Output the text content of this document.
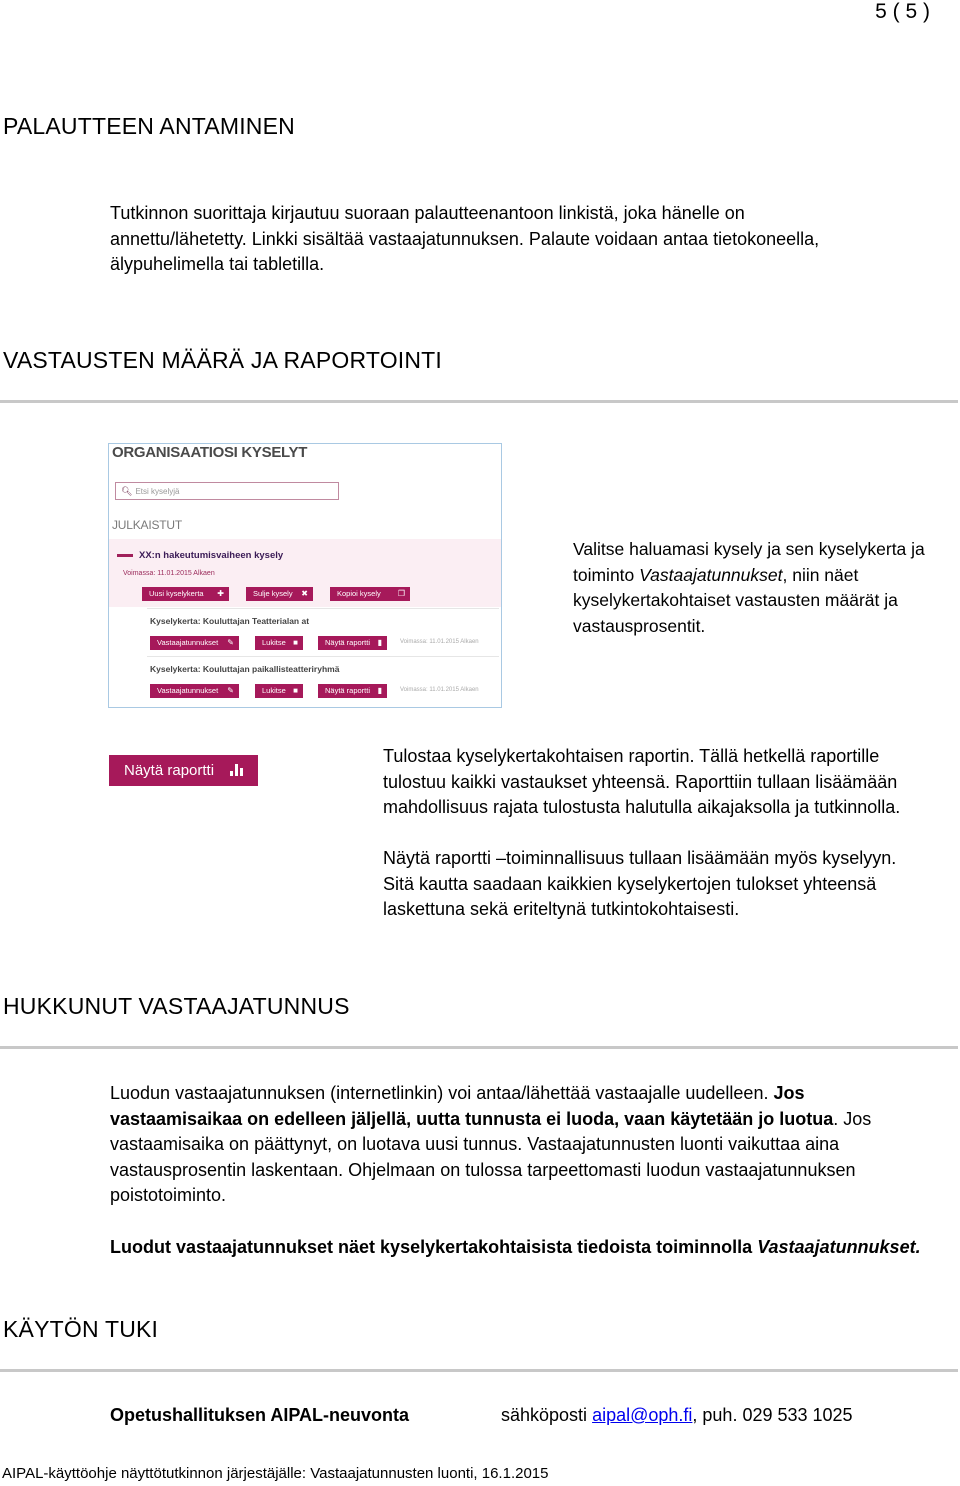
5 ( 5 )
PALAUTTEEN ANTAMINEN

Tutkinnon suorittaja kirjautuu suoraan palautteenantoon linkistä, joka hänelle on

annettu/lähetetty. Linkki sisältää vastaajatunnuksen. Palaute voidaan antaa tietokoneella,

älypuhelimella tai tabletilla.

VASTAUSTEN MÄÄRÄ JA RAPORTOINTI
ORGANISAATIOSI KYSELYT
🔍︎ Etsi kyselyjä
JULKAISTUT
XX:n hakeutumisvaiheen kysely
Voimassa: 11.01.2015 Alkaen
Uusi kyselykerta ✚	Sulje kysely ✖	Kopioi kysely ❐
Kyselykerta: Kouluttajan Teatterialan at
Vastaajatunnukset ✎	Lukitse ■	Näytä raportti ▮	Voimassa: 11.01.2015 Alkaen
Kyselykerta: Kouluttajan paikallisteatteriryhmä
Vastaajatunnukset ✎	Lukitse ■	Näytä raportti ▮	Voimassa: 11.01.2015 Alkaen

Valitse haluamasi kysely ja sen kyselykerta ja

toiminto Vastaajatunnukset, niin näet

kyselykertakohtaiset vastausten määrät ja

vastausprosentit.

Näytä raportti

Tulostaa kyselykertakohtaisen raportin. Tällä hetkellä raportille

tulostuu kaikki vastaukset yhteensä. Raporttiin tullaan lisäämään

mahdollisuus rajata tulostusta halutulla aikajaksolla ja tutkinnolla.

Näytä raportti –toiminnallisuus tullaan lisäämään myös kyselyyn.

Sitä kautta saadaan kaikkien kyselykertojen tulokset yhteensä

laskettuna sekä eriteltynä tutkintokohtaisesti.

HUKKUNUT VASTAAJATUNNUS

Luodun vastaajatunnuksen (internetlinkin) voi antaa/lähettää vastaajalle uudelleen. Jos

vastaamisaikaa on edelleen jäljellä, uutta tunnusta ei luoda, vaan käytetään jo luotua. Jos

vastaamisaika on päättynyt, on luotava uusi tunnus. Vastaajatunnusten luonti vaikuttaa aina

vastausprosentin laskentaan. Ohjelmaan on tulossa tarpeettomasti luodun vastaajatunnuksen

poistotoiminto.

Luodut vastaajatunnukset näet kyselykertakohtaisista tiedoista toiminnolla Vastaajatunnukset.
KÄYTÖN TUKI
Opetushallituksen AIPAL-neuvonta	sähköposti aipal@oph.fi, puh. 029 533 1025
AIPAL-käyttöohje näyttötutkinnon järjestäjälle: Vastaajatunnusten luonti, 16.1.2015
